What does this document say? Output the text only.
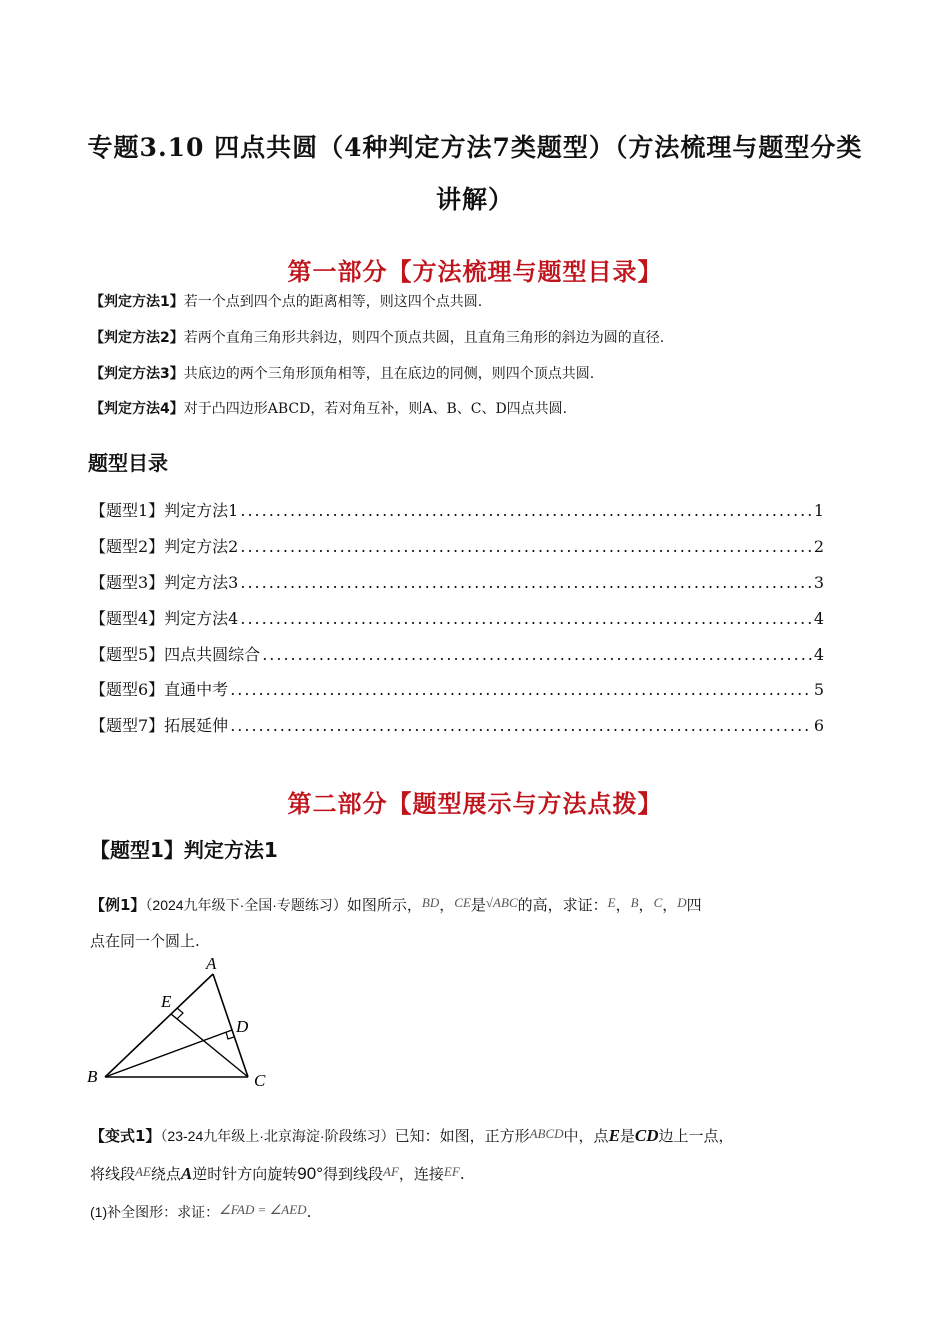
专题3.10 四点共圆（4种判定方法7类题型）（方法梳理与题型分类
讲解）
第一部分【方法梳理与题型目录】
【判定方法1】若一个点到四个点的距离相等，则这四个点共圆.
【判定方法2】若两个直角三角形共斜边，则四个顶点共圆，且直角三角形的斜边为圆的直径.
【判定方法3】共底边的两个三角形顶角相等，且在底边的同侧，则四个顶点共圆.
【判定方法4】对于凸四边形ABCD，若对角互补，则A、B、C、D四点共圆.
题型目录
【题型1】判定方法1 .....	1
【题型2】判定方法2 .....	2
【题型3】判定方法3 .....	3
【题型4】判定方法4 .....	4
【题型5】四点共圆综合 .....	4
【题型6】直通中考 .....	5
【题型7】拓展延伸 .....	6
第二部分【题型展示与方法点拨】
【题型1】判定方法1
【例1】（2024九年级下·全国·专题练习）如图所示，BD，CE是√ABC的高，求证：E，B，C，D四
点在同一个圆上.
A
B	C
D
E
【变式1】（23-24九年级上·北京海淀·阶段练习）已知：如图，正方形ABCD中，点E是CD边上一点，
将线段AE绕点A逆时针方向旋转90°得到线段AF，连接EF.
(1)补全图形：求证：∠FAD = ∠AED.
